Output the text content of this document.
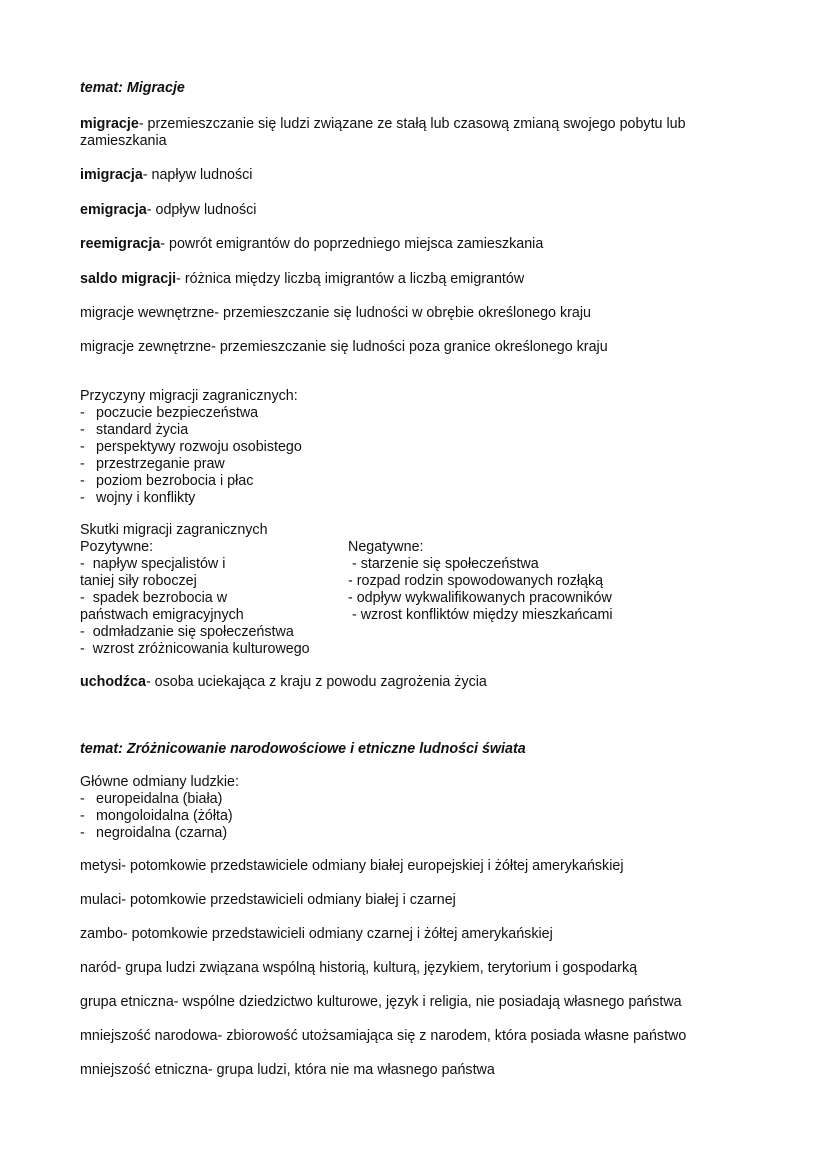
temat: Migracje
migracje- przemieszczanie się ludzi związane ze stałą lub czasową zmianą swojego pobytu lub zamieszkania
imigracja- napływ ludności
emigracja- odpływ ludności
reemigracja- powrót emigrantów do poprzedniego miejsca zamieszkania
saldo migracji- różnica między liczbą imigrantów a liczbą emigrantów
migracje wewnętrzne- przemieszczanie się ludności w obrębie określonego kraju
migracje zewnętrzne- przemieszczanie się ludności poza granice określonego kraju
Przyczyny migracji zagranicznych:
- poczucie bezpieczeństwa
- standard życia
- perspektywy rozwoju osobistego
- przestrzeganie praw
- poziom bezrobocia i płac
- wojny i konflikty
Skutki migracji zagranicznych
Pozytywne:
-  napływ specjalistów i
taniej siły roboczej
-  spadek bezrobocia w
państwach emigracyjnych
-  odmładzanie się społeczeństwa
-  wzrost zróżnicowania kulturowego
Negatywne:
- starzenie się społeczeństwa
- rozpad rodzin spowodowanych rozłąką
- odpływ wykwalifikowanych pracowników
- wzrost konfliktów między mieszkańcami
uchodźca- osoba uciekająca z kraju z powodu zagrożenia życia
temat: Zróżnicowanie narodowościowe i etniczne ludności świata
Główne odmiany ludzkie:
- europeidalna (biała)
- mongoloidalna (żółta)
- negroidalna (czarna)
metysi- potomkowie przedstawiciele odmiany białej europejskiej i żółtej amerykańskiej
mulaci- potomkowie przedstawicieli odmiany białej i czarnej
zambo- potomkowie przedstawicieli odmiany czarnej i żółtej amerykańskiej
naród- grupa ludzi związana wspólną historią, kulturą, językiem, terytorium i gospodarką
grupa etniczna- wspólne dziedzictwo kulturowe, język i religia, nie posiadają własnego państwa
mniejszość narodowa- zbiorowość utożsamiająca się z narodem, która posiada własne państwo
mniejszość etniczna- grupa ludzi, która nie ma własnego państwa
